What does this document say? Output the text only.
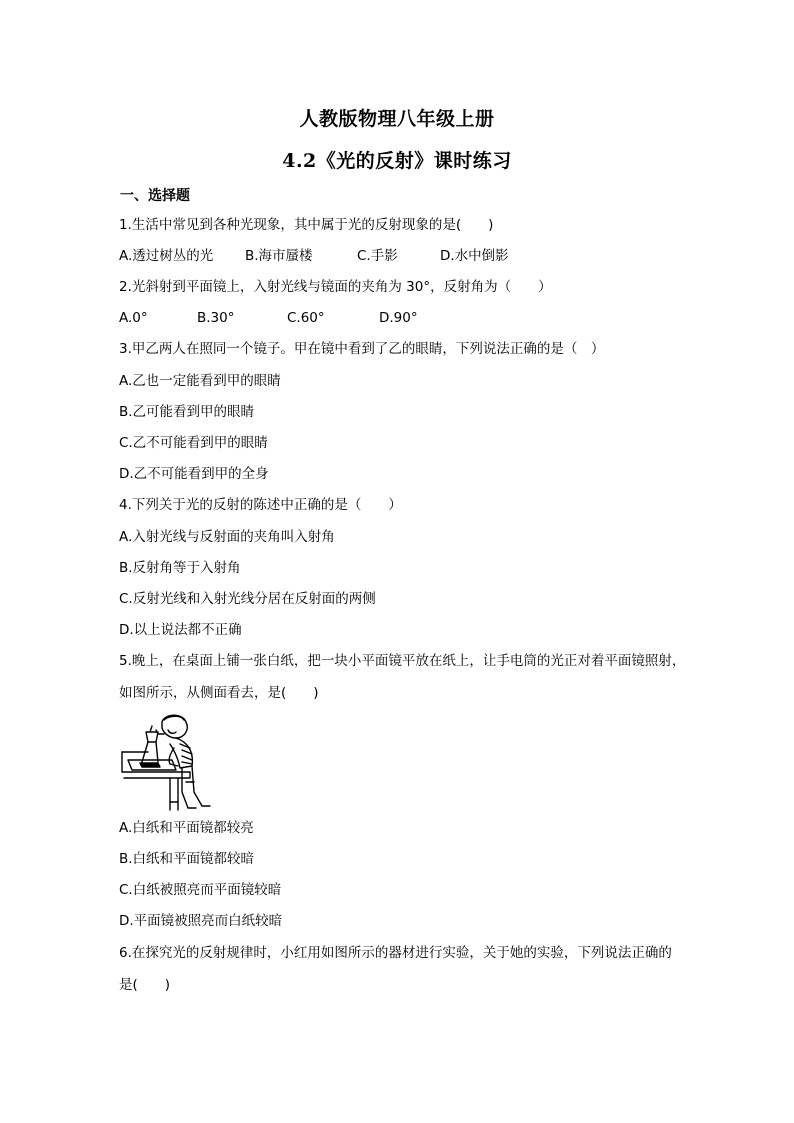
人教版物理八年级上册
4.2《光的反射》课时练习
一、选择题
1.生活中常见到各种光现象，其中属于光的反射现象的是(　　)
A.透过树丛的光 B.海市蜃楼	C.手影	D.水中倒影
2.光斜射到平面镜上，入射光线与镜面的夹角为 30°，反射角为（　　）
A.0°	B.30°	C.60°	D.90°
3.甲乙两人在照同一个镜子。甲在镜中看到了乙的眼睛，下列说法正确的是（　）
A.乙也一定能看到甲的眼睛
B.乙可能看到甲的眼睛
C.乙不可能看到甲的眼睛
D.乙不可能看到甲的全身
4.下列关于光的反射的陈述中正确的是（　　）
A.入射光线与反射面的夹角叫入射角
B.反射角等于入射角
C.反射光线和入射光线分居在反射面的两侧
D.以上说法都不正确
5.晚上，在桌面上铺一张白纸，把一块小平面镜平放在纸上，让手电筒的光正对着平面镜照射，
如图所示，从侧面看去，是(　　)
A.白纸和平面镜都较亮
B.白纸和平面镜都较暗
C.白纸被照亮而平面镜较暗
D.平面镜被照亮而白纸较暗
6.在探究光的反射规律时，小红用如图所示的器材进行实验，关于她的实验，下列说法正确的
是(　　)
